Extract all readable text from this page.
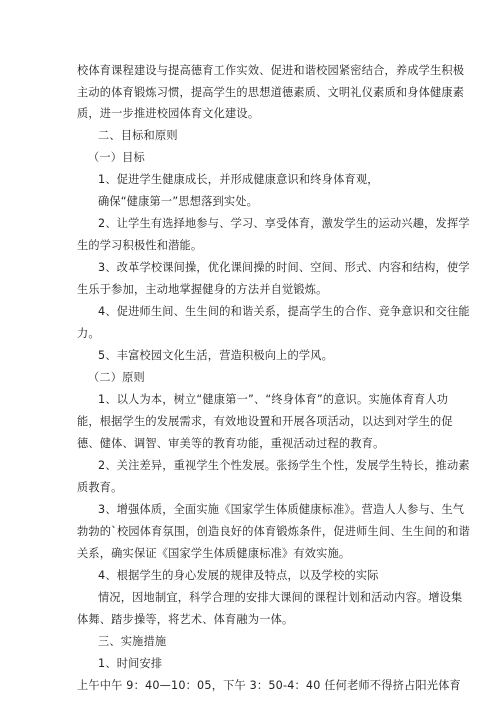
校体育课程建设与提高德育工作实效、促进和谐校园紧密结合，养成学生积极
主动的体育锻炼习惯，提高学生的思想道德素质、文明礼仪素质和身体健康素
质，进一步推进校园体育文化建设。
二、目标和原则
（一）目标
1、促进学生健康成长，并形成健康意识和终身体育观，
确保“健康第一”思想落到实处。
2、让学生有选择地参与、学习、享受体育，激发学生的运动兴趣，发挥学
生的学习积极性和潜能。
3、改革学校课间操，优化课间操的时间、空间、形式、内容和结构，使学
生乐于参加，主动地掌握健身的方法并自觉锻炼。
4、促进师生间、生生间的和谐关系，提高学生的合作、竞争意识和交往能
力。
5、丰富校园文化生活，营造积极向上的学风。
（二）原则
1、以人为本，树立“健康第一”、“终身体育”的意识。实施体育育人功
能，根据学生的发展需求，有效地设置和开展各项活动，以达到对学生的促
德、健体、调智、审美等的教育功能，重视活动过程的教育。
2、关注差异，重视学生个性发展。张扬学生个性，发展学生特长，推动素
质教育。
3、增强体质，全面实施《国家学生体质健康标准》。营造人人参与、生气
勃勃的`校园体育氛围，创造良好的体育锻炼条件，促进师生间、生生间的和谐
关系，确实保证《国家学生体质健康标准》有效实施。
4、根据学生的身心发展的规律及特点，以及学校的实际
情况，因地制宜，科学合理的安排大课间的课程计划和活动内容。增设集
体舞、踏步操等，将艺术、体育融为一体。
三、实施措施
1、时间安排
上午中午 9：40—10：05，下午 3：50-4：40 任何老师不得挤占阳光体育
